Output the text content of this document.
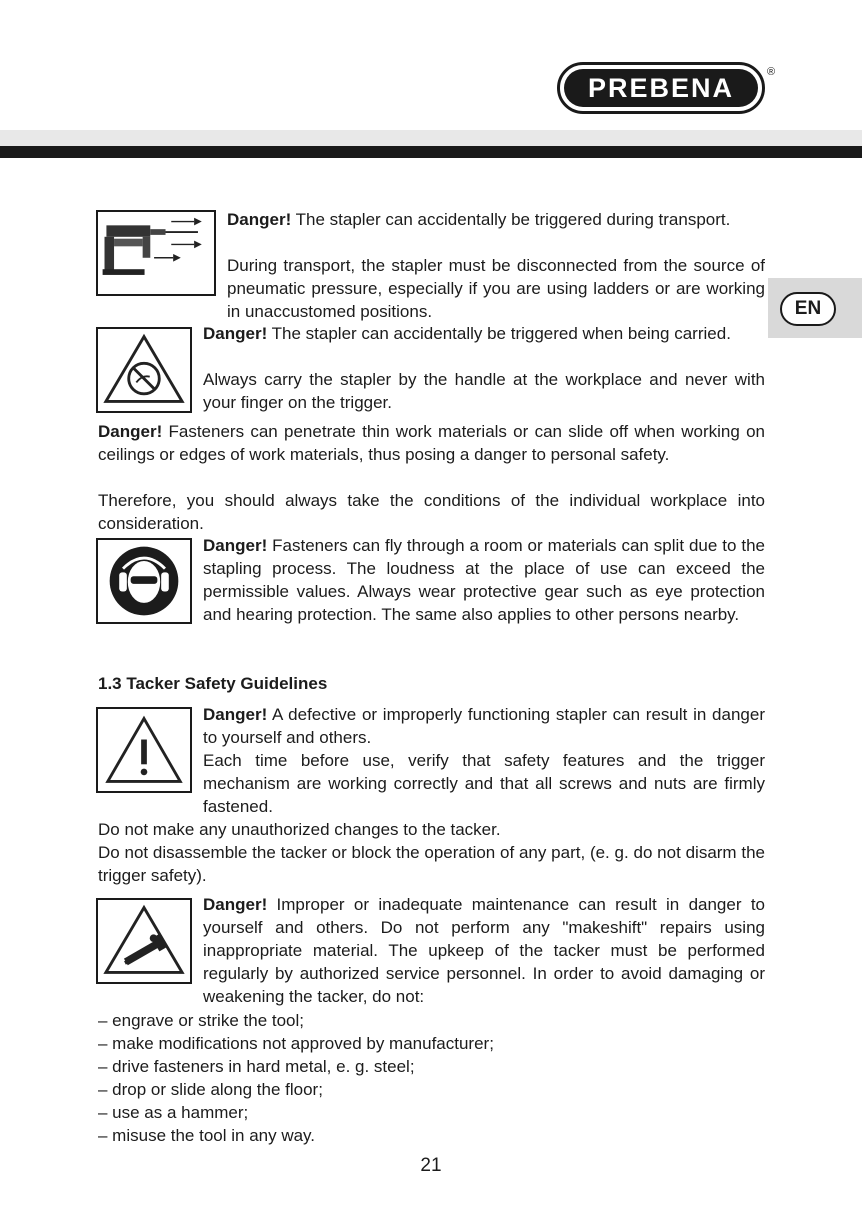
PREBENA
®
EN

Danger! The stapler can accidentally be triggered during transport.

During transport, the stapler must be disconnected from the source of pneumatic pressure, especially if you are using ladders or are working in unaccustomed positions.

Danger! The stapler can accidentally be triggered when being carried.

Always carry the stapler by the handle at the workplace and never with your finger on the trigger.

Danger! Fasteners can penetrate thin work materials or can slide off when working on ceilings or edges of work materials, thus posing a danger to personal safety.

Therefore, you should always take the conditions of the individual workplace into consideration.

Danger! Fasteners can fly through a room or materials can split due to the stapling process. The loudness at the place of use can exceed the permissible values. Always wear protective gear such as eye protection and hearing protection. The same also applies to other persons nearby.

1.3 Tacker Safety Guidelines

Danger! A defective or improperly functioning stapler can result in danger to yourself and others.

Each time before use, verify that safety features and the trigger mechanism are working correctly and that all screws and nuts are firmly fastened.

Do not make any unauthorized changes to the tacker.

Do not disassemble the tacker or block the operation of any part, (e. g. do not disarm the trigger safety).

Danger! Improper or inadequate maintenance can result in danger to yourself and others. Do not perform any "makeshift" repairs using inappropriate material. The upkeep of the tacker must be performed regularly by authorized service personnel. In order to avoid damaging or weakening the tacker, do not:

– engrave or strike the tool;

– make modifications not approved by manufacturer;

– drive fasteners in hard metal, e. g. steel;

– drop or slide along the floor;

– use as a hammer;

– misuse the tool in any way.

21
